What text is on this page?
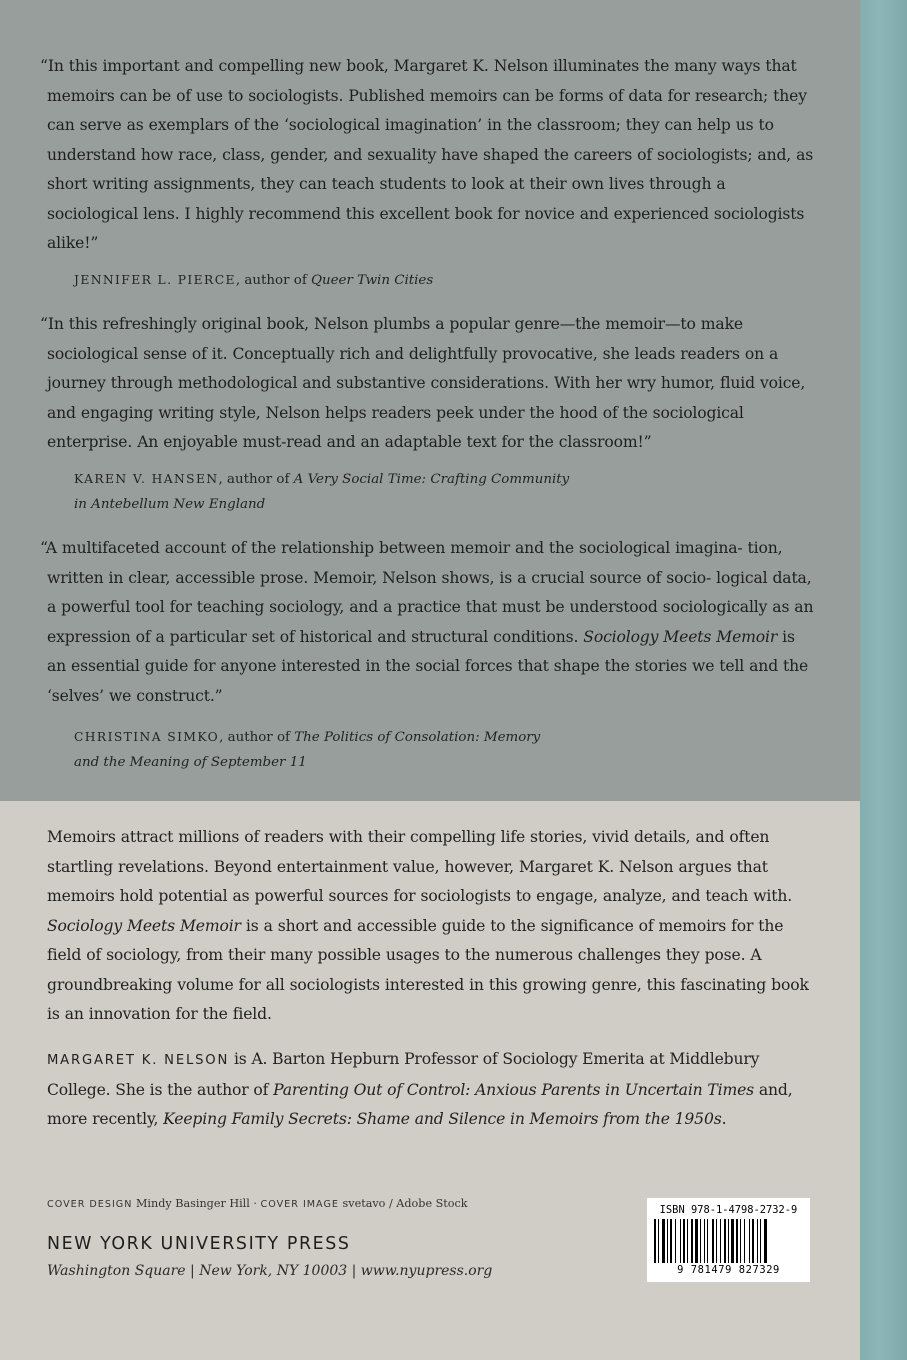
“In this important and compelling new book, Margaret K. Nelson illuminates the many ways that memoirs can be of use to sociologists. Published memoirs can be forms of data for research; they can serve as exemplars of the ‘sociological imagination’ in the classroom; they can help us to understand how race, class, gender, and sexuality have shaped the careers of sociologists; and, as short writing assignments, they can teach students to look at their own lives through a sociological lens. I highly recommend this excellent book for novice and experienced sociologists alike!”
JENNIFER L. PIERCE, author of Queer Twin Cities
“In this refreshingly original book, Nelson plumbs a popular genre—the memoir—to make sociological sense of it. Conceptually rich and delightfully provocative, she leads readers on a journey through methodological and substantive considerations. With her wry humor, fluid voice, and engaging writing style, Nelson helps readers peek under the hood of the sociological enterprise. An enjoyable must-read and an adaptable text for the classroom!”
KAREN V. HANSEN, author of A Very Social Time: Crafting Community
in Antebellum New England
“A multifaceted account of the relationship between memoir and the sociological imagina- tion, written in clear, accessible prose. Memoir, Nelson shows, is a crucial source of socio- logical data, a powerful tool for teaching sociology, and a practice that must be understood sociologically as an expression of a particular set of historical and structural conditions. Sociology Meets Memoir is an essential guide for anyone interested in the social forces that shape the stories we tell and the ‘selves’ we construct.”
CHRISTINA SIMKO, author of The Politics of Consolation: Memory
and the Meaning of September 11
Memoirs attract millions of readers with their compelling life stories, vivid details, and often startling revelations. Beyond entertainment value, however, Margaret K. Nelson argues that memoirs hold potential as powerful sources for sociologists to engage, analyze, and teach with. Sociology Meets Memoir is a short and accessible guide to the significance of memoirs for the field of sociology, from their many possible usages to the numerous challenges they pose. A groundbreaking volume for all sociologists interested in this growing genre, this fascinating book is an innovation for the field.
MARGARET K. NELSON is A. Barton Hepburn Professor of Sociology Emerita at Middlebury College. She is the author of Parenting Out of Control: Anxious Parents in Uncertain Times and, more recently, Keeping Family Secrets: Shame and Silence in Memoirs from the 1950s.
COVER DESIGN Mindy Basinger Hill · COVER IMAGE svetavo / Adobe Stock
NEW YORK UNIVERSITY PRESS
Washington Square | New York, NY 10003 | www.nyupress.org
ISBN 978-1-4798-2732-9
9 781479 827329
